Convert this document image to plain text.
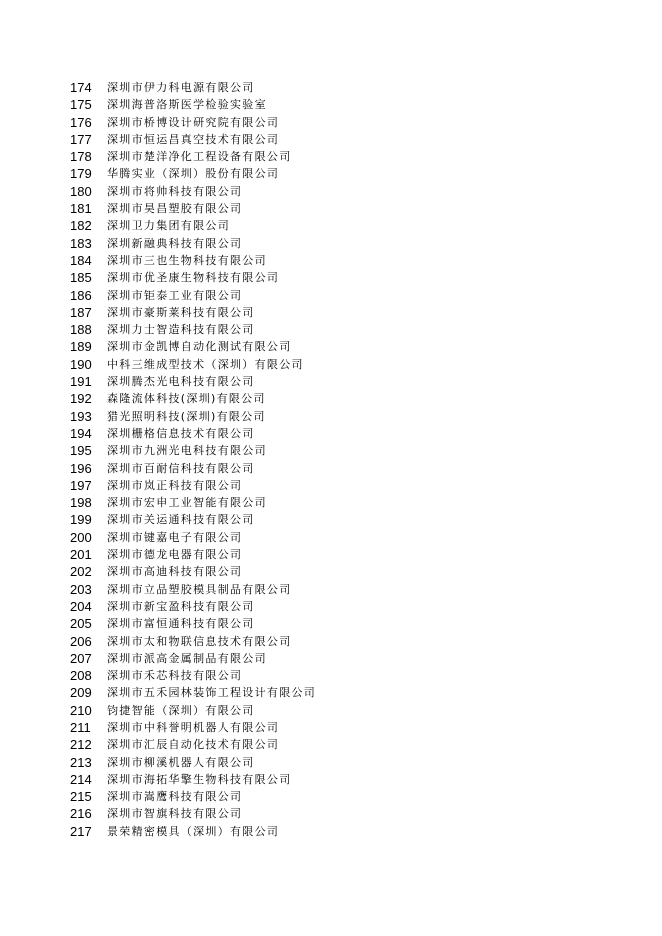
174	深圳市伊力科电源有限公司
175	深圳海普洛斯医学检验实验室
176	深圳市桥博设计研究院有限公司
177	深圳市恒运昌真空技术有限公司
178	深圳市楚洋净化工程设备有限公司
179	华腾实业（深圳）股份有限公司
180	深圳市将帅科技有限公司
181	深圳市昊昌塑胶有限公司
182	深圳卫力集团有限公司
183	深圳新融典科技有限公司
184	深圳市三也生物科技有限公司
185	深圳市优圣康生物科技有限公司
186	深圳市钜泰工业有限公司
187	深圳市豪斯莱科技有限公司
188	深圳力士智造科技有限公司
189	深圳市金凯博自动化测试有限公司
190	中科三维成型技术（深圳）有限公司
191	深圳腾杰光电科技有限公司
192	森隆流体科技(深圳)有限公司
193	猎光照明科技(深圳)有限公司
194	深圳栅格信息技术有限公司
195	深圳市九洲光电科技有限公司
196	深圳市百耐信科技有限公司
197	深圳市岚正科技有限公司
198	深圳市宏申工业智能有限公司
199	深圳市关运通科技有限公司
200	深圳市键嘉电子有限公司
201	深圳市德龙电器有限公司
202	深圳市高迪科技有限公司
203	深圳市立品塑胶模具制品有限公司
204	深圳市新宝盈科技有限公司
205	深圳市富恒通科技有限公司
206	深圳市太和物联信息技术有限公司
207	深圳市派高金属制品有限公司
208	深圳市禾芯科技有限公司
209	深圳市五禾园林装饰工程设计有限公司
210	钧捷智能（深圳）有限公司
211	深圳市中科誉明机器人有限公司
212	深圳市汇辰自动化技术有限公司
213	深圳市柳溪机器人有限公司
214	深圳市海拓华擎生物科技有限公司
215	深圳市嵩鹰科技有限公司
216	深圳市智旗科技有限公司
217	景荣精密模具（深圳）有限公司
